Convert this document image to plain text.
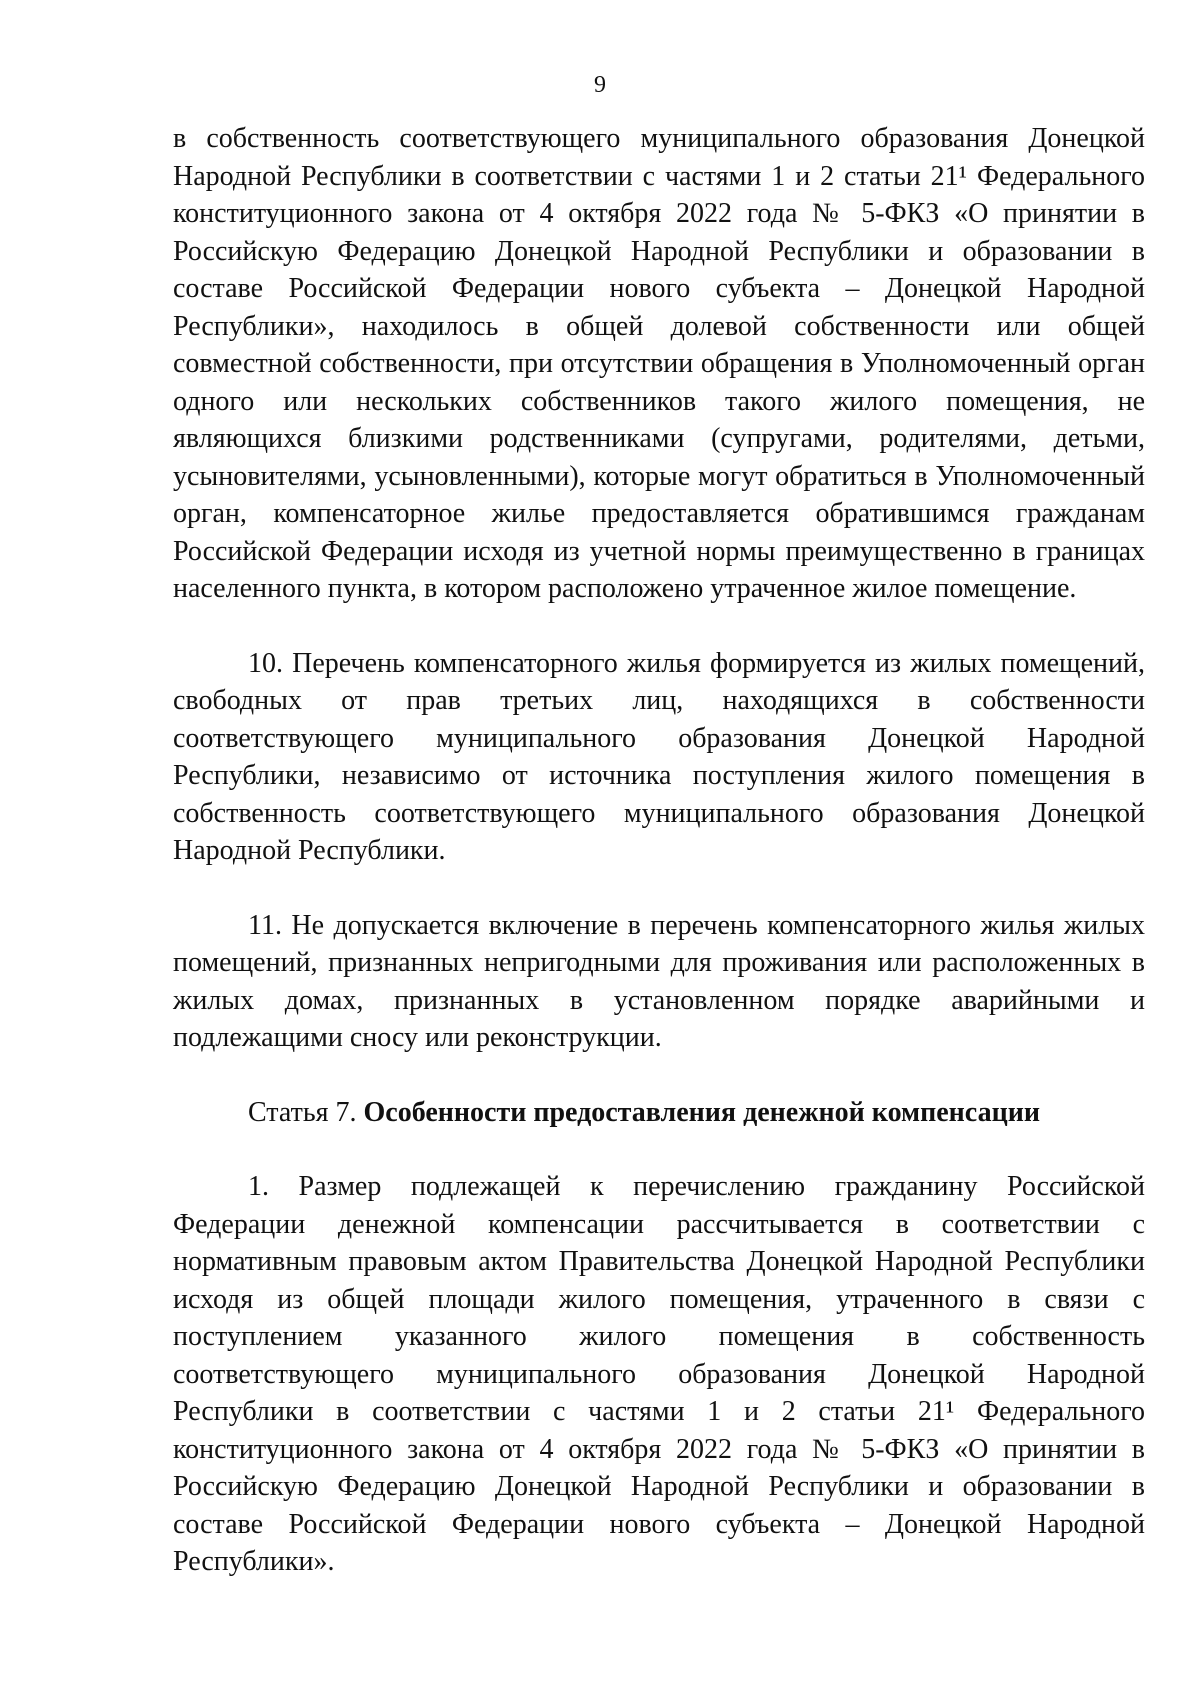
9

в собственность соответствующего муниципального образования Донецкой Народной Республики в соответствии с частями 1 и 2 статьи 21¹ Федерального конституционного закона от 4 октября 2022 года № 5-ФКЗ «О принятии в Российскую Федерацию Донецкой Народной Республики и образовании в составе Российской Федерации нового субъекта – Донецкой Народной Республики», находилось в общей долевой собственности или общей совместной собственности, при отсутствии обращения в Уполномоченный орган одного или нескольких собственников такого жилого помещения, не являющихся близкими родственниками (супругами, родителями, детьми, усыновителями, усыновленными), которые могут обратиться в Уполномоченный орган, компенсаторное жилье предоставляется обратившимся гражданам Российской Федерации исходя из учетной нормы преимущественно в границах населенного пункта, в котором расположено утраченное жилое помещение.

10. Перечень компенсаторного жилья формируется из жилых помещений, свободных от прав третьих лиц, находящихся в собственности соответствующего муниципального образования Донецкой Народной Республики, независимо от источника поступления жилого помещения в собственность соответствующего муниципального образования Донецкой Народной Республики.

11. Не допускается включение в перечень компенсаторного жилья жилых помещений, признанных непригодными для проживания или расположенных в жилых домах, признанных в установленном порядке аварийными и подлежащими сносу или реконструкции.

Статья 7. Особенности предоставления денежной компенсации

1. Размер подлежащей к перечислению гражданину Российской Федерации денежной компенсации рассчитывается в соответствии с нормативным правовым актом Правительства Донецкой Народной Республики исходя из общей площади жилого помещения, утраченного в связи с поступлением указанного жилого помещения в собственность соответствующего муниципального образования Донецкой Народной Республики в соответствии с частями 1 и 2 статьи 21¹ Федерального конституционного закона от 4 октября 2022 года № 5-ФКЗ «О принятии в Российскую Федерацию Донецкой Народной Республики и образовании в составе Российской Федерации нового субъекта – Донецкой Народной Республики».
